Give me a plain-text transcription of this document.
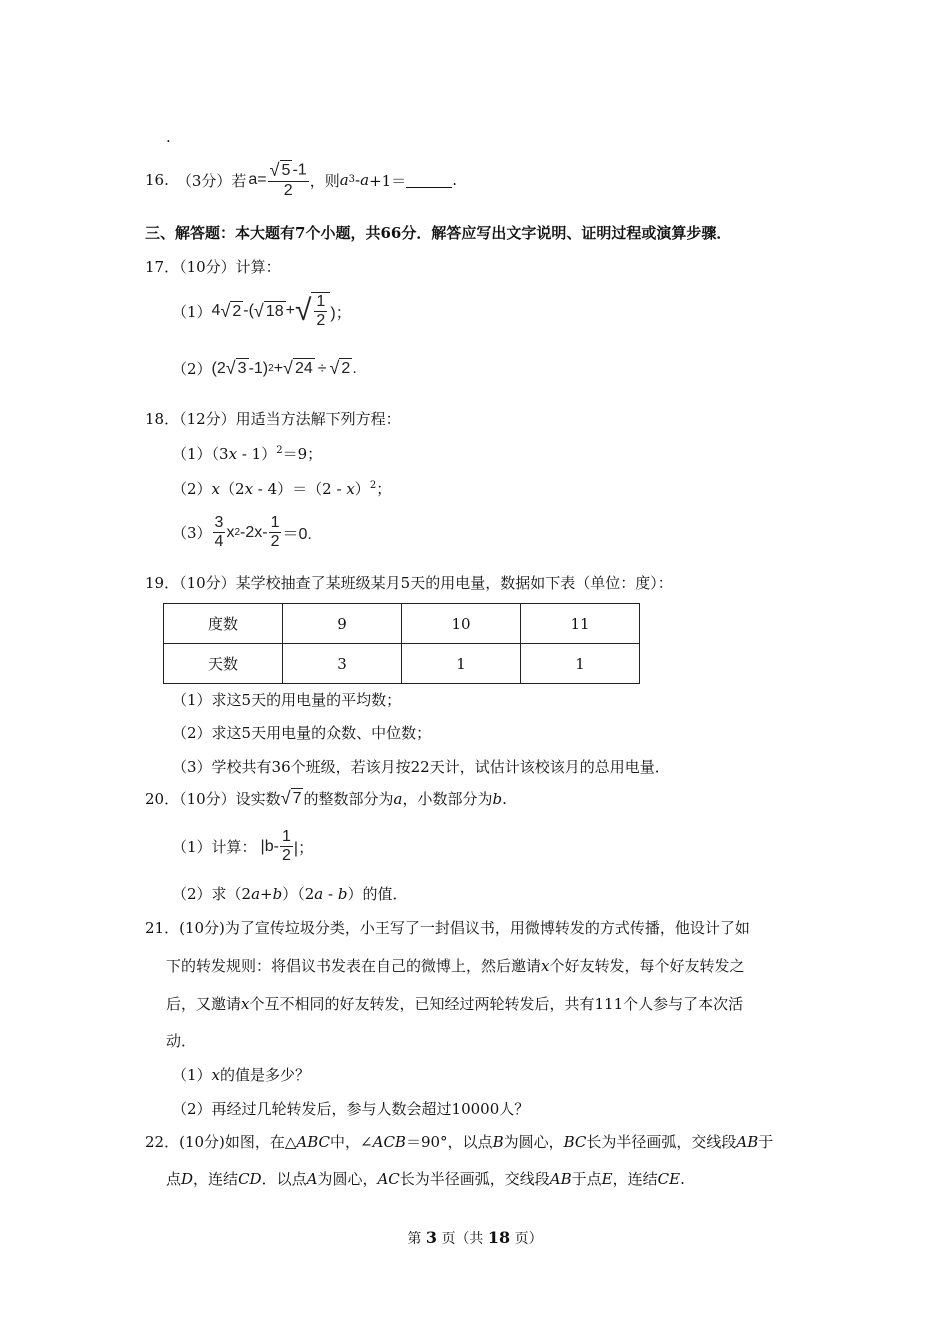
.
16. （3分）若 $a= \frac{√ 5 -1}{2}$ ，则 a 3 - a +1＝	.
三、解答题：本大题有7个小题，共66分．解答应写出文字说明、证明过程或演算步骤．
17．（10分）计算：
（1） 4 √ 2 -( √ 18 + √ $\frac{1}{2}$ )；
（2） (2 √ 3 -1) 2 + √ 24 ÷ √ 2 .
18．（12分）用适当方法解下列方程：
（1）（3x - 1）$^2$＝9；
（2）x（2x - 4）＝（2 - x）$^2$；
$(3) \frac{3}{4}$ x 2 $-2x- \frac{1}{2} =0$.
19．（10分）某学校抽查了某班级某月5天的用电量，数据如下表（单位：度）：
度数	9	10	11
天数	3	1	1
（1）求这5天的用电量的平均数；
（2）求这5天用电量的众数、中位数；
（3）学校共有36个班级，若该月按22天计，试估计该校该月的总用电量．
20．（10分）设实数 √ 7 的整数部分为 a ，小数部分为 b .
（1）计算： $|b- \frac{1}{2}$ |；
（2）求（2a+b）（2a - b）的值．
21．(10分)为了宣传垃圾分类，小王写了一封倡议书，用微博转发的方式传播，他设计了如
下的转发规则：将倡议书发表在自己的微博上，然后邀请x个好友转发，每个好友转发之
后，又邀请x个互不相同的好友转发，已知经过两轮转发后，共有111个人参与了本次活
动．
（1）x的值是多少？
（2）再经过几轮转发后，参与人数会超过10000人？
22．(10分)如图，在△ABC中，∠ACB＝90°，以点B为圆心，BC长为半径画弧，交线段AB于
点D，连结CD．以点A为圆心，AC长为半径画弧，交线段AB于点E，连结CE.
第 3 页（共 18 页）
